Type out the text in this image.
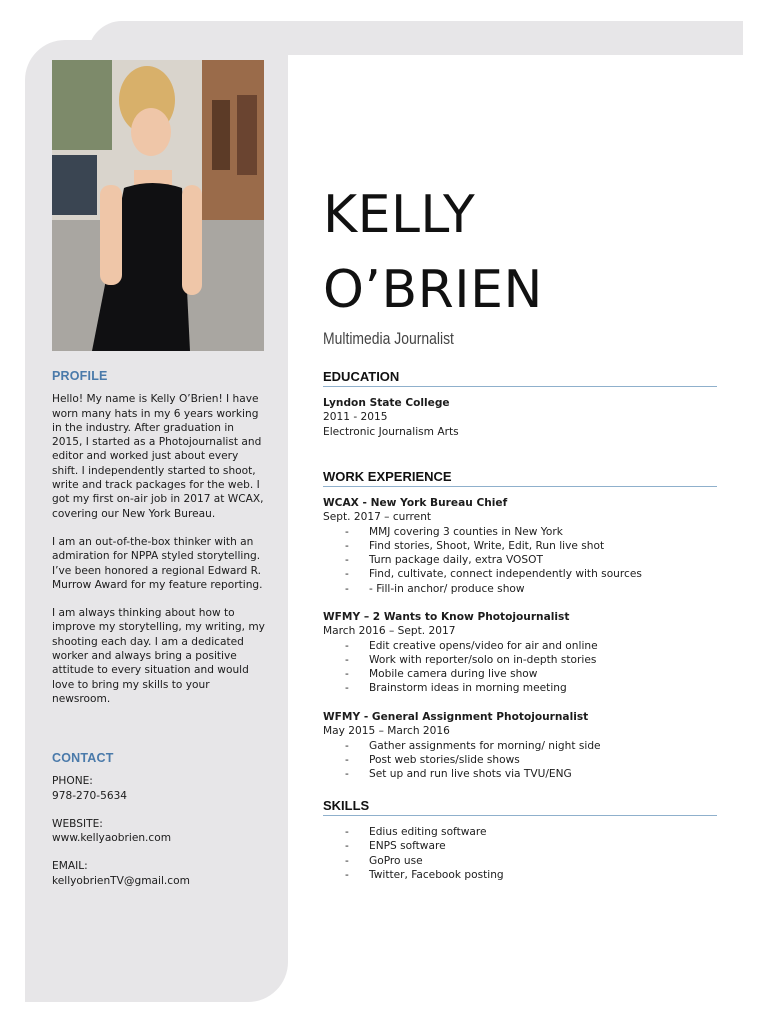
PROFILE

Hello! My name is Kelly O’Brien! I have worn many hats in my 6 years working in the industry. After graduation in 2015, I started as a Photojournalist and editor and worked just about every shift. I independently started to shoot, write and track packages for the web. I got my first on-air job in 2017 at WCAX, covering our New York Bureau.

I am an out-of-the-box thinker with an admiration for NPPA styled storytelling. I’ve been honored a regional Edward R. Murrow Award for my feature reporting.

I am always thinking about how to improve my storytelling, my writing, my shooting each day. I am a dedicated worker and always bring a positive attitude to every situation and would love to bring my skills to your newsroom.

CONTACT

PHONE:

978-270-5634

WEBSITE:

www.kellyaobrien.com

EMAIL:

kellyobrienTV@gmail.com

KELLY
O’BRIEN

Multimedia Journalist

EDUCATION

Lyndon State College

2011 - 2015

Electronic Journalism Arts

WORK EXPERIENCE

WCAX - New York Bureau Chief

Sept. 2017 – current

- MMJ covering 3 counties in New York
- Find stories, Shoot, Write, Edit, Run live shot
- Turn package daily, extra VOSOT
- Find, cultivate, connect independently with sources
- - Fill-in anchor/ produce show

WFMY – 2 Wants to Know Photojournalist

March 2016 – Sept. 2017

- Edit creative opens/video for air and online
- Work with reporter/solo on in-depth stories
- Mobile camera during live show
- Brainstorm ideas in morning meeting

WFMY - General Assignment Photojournalist

May 2015 – March 2016

- Gather assignments for morning/ night side
- Post web stories/slide shows
- Set up and run live shots via TVU/ENG
SKILLS
- Edius editing software
- ENPS software
- GoPro use
- Twitter, Facebook posting
